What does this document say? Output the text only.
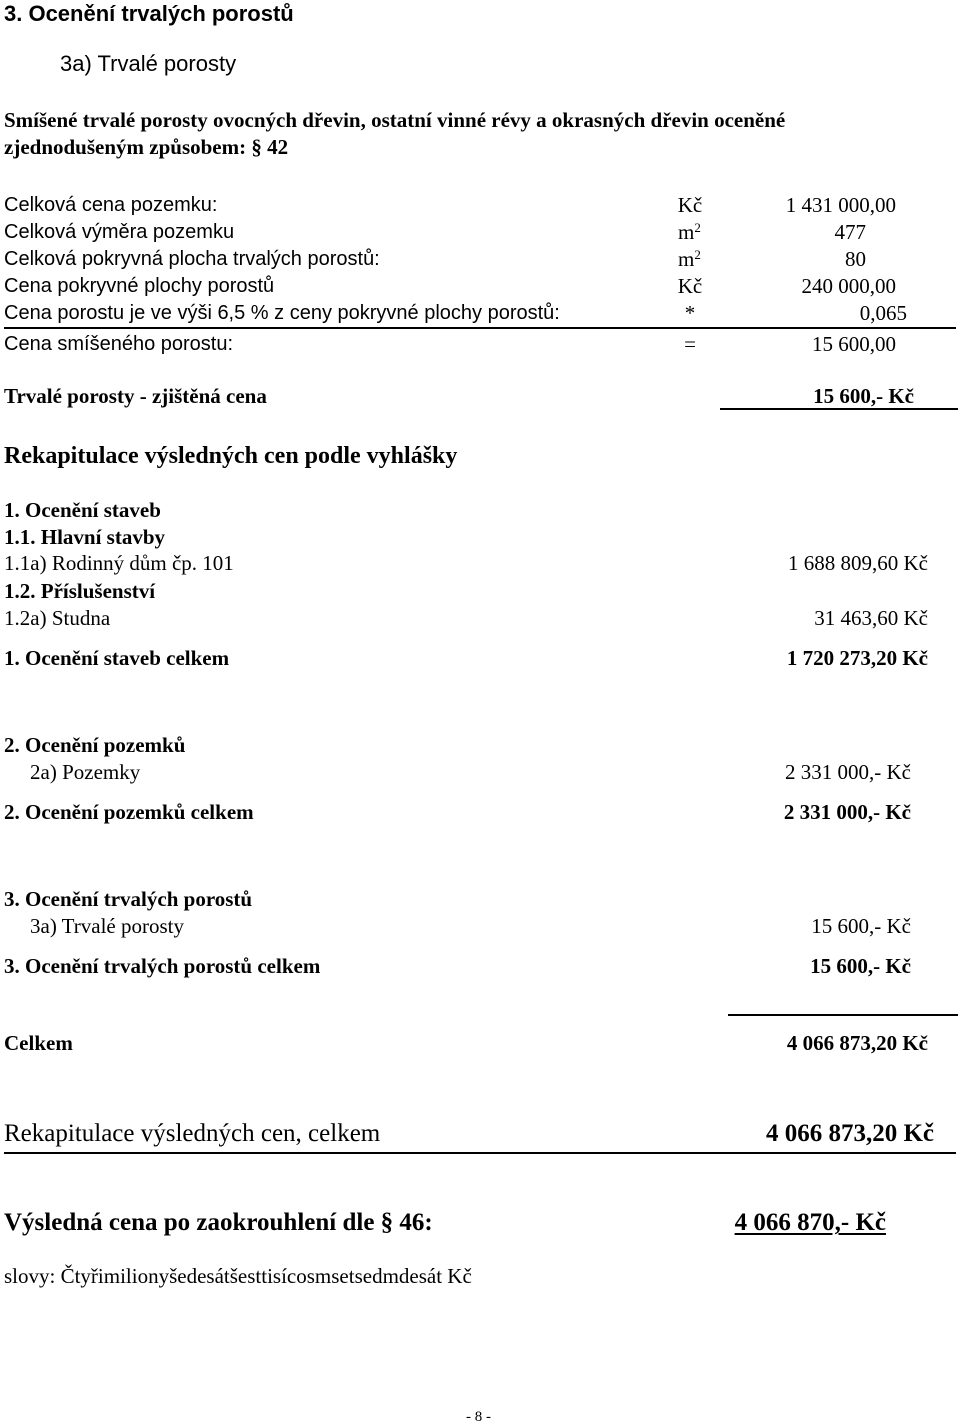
3. Ocenění trvalých porostů
3a) Trvalé porosty
Smíšené trvalé porosty ovocných dřevin, ostatní vinné révy a okrasných dřevin oceněné zjednodušeným způsobem: § 42
Celková cena pozemku:	Kč	1 431 000,00
Celková výměra pozemku	$m^2$	477
Celková pokryvná plocha trvalých porostů:	$m^2$	80
Cena pokryvné plochy porostů	Kč	240 000,00
Cena porostu je ve výši 6,5 % z ceny pokryvné plochy porostů:	*	0,065
Cena smíšeného porostu:	=	15 600,00
Trvalé porosty - zjištěná cena	15 600,- Kč
Rekapitulace výsledných cen podle vyhlášky
1. Ocenění staveb
1.1. Hlavní stavby
1.1a) Rodinný dům čp. 101	1 688 809,60 Kč
1.2. Příslušenství
1.2a) Studna	31 463,60 Kč
1. Ocenění staveb celkem	1 720 273,20 Kč
2. Ocenění pozemků
2a) Pozemky	2 331 000,- Kč
2. Ocenění pozemků celkem	2 331 000,- Kč
3. Ocenění trvalých porostů
3a) Trvalé porosty	15 600,- Kč
3. Ocenění trvalých porostů celkem	15 600,- Kč
Celkem	4 066 873,20 Kč
Rekapitulace výsledných cen, celkem	4 066 873,20 Kč
Výsledná cena po zaokrouhlení dle § 46:	4 066 870,- Kč
slovy: Čtyřimilionyšedesátšesttisícosmsetsedmdesát Kč
- 8 -
